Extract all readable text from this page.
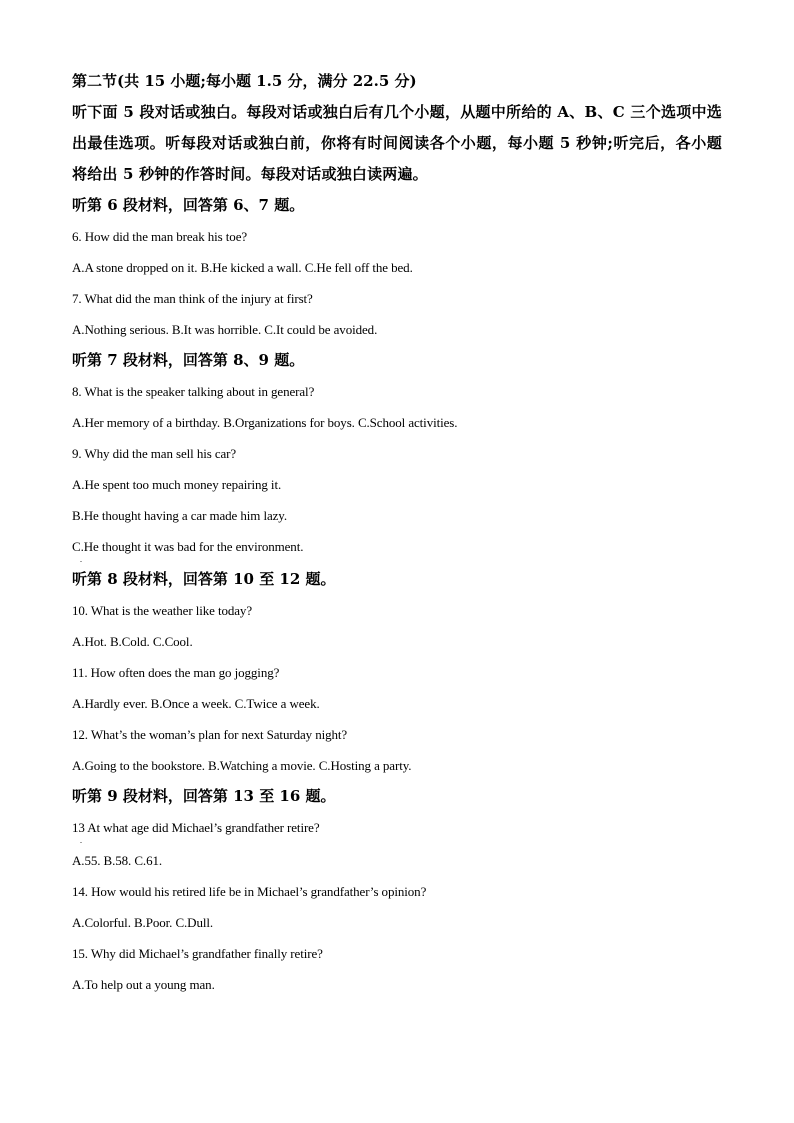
第二节(共 15 小题;每小题 1.5 分，满分 22.5 分)

听下面 5 段对话或独白。每段对话或独白后有几个小题，从题中所给的 A、B、C 三个选项中选出最佳选项。听每段对话或独白前，你将有时间阅读各个小题，每小题 5 秒钟;听完后，各小题将给出 5 秒钟的作答时间。每段对话或独白读两遍。

听第 6 段材料，回答第 6、7 题。

6. How did the man break his toe?

A.A stone dropped on it. B.He kicked a wall. C.He fell off the bed.

7. What did the man think of the injury at first?

A.Nothing serious. B.It was horrible. C.It could be avoided.

听第 7 段材料，回答第 8、9 题。

8. What is the speaker talking about in general?

A.Her memory of a birthday. B.Organizations for boys. C.School activities.

9. Why did the man sell his car?

A.He spent too much money repairing it.

B.He thought having a car made him lazy.

C.He thought it was bad for the environment.

.

听第 8 段材料，回答第 10 至 12 题。

10. What is the weather like today?

A.Hot. B.Cold. C.Cool.

11. How often does the man go jogging?

A.Hardly ever. B.Once a week. C.Twice a week.

12. What’s the woman’s plan for next Saturday night?

A.Going to the bookstore. B.Watching a movie. C.Hosting a party.

听第 9 段材料，回答第 13 至 16 题。

13 At what age did Michael’s grandfather retire?

.

A.55. B.58. C.61.

14. How would his retired life be in Michael’s grandfather’s opinion?

A.Colorful. B.Poor. C.Dull.

15. Why did Michael’s grandfather finally retire?

A.To help out a young man.
